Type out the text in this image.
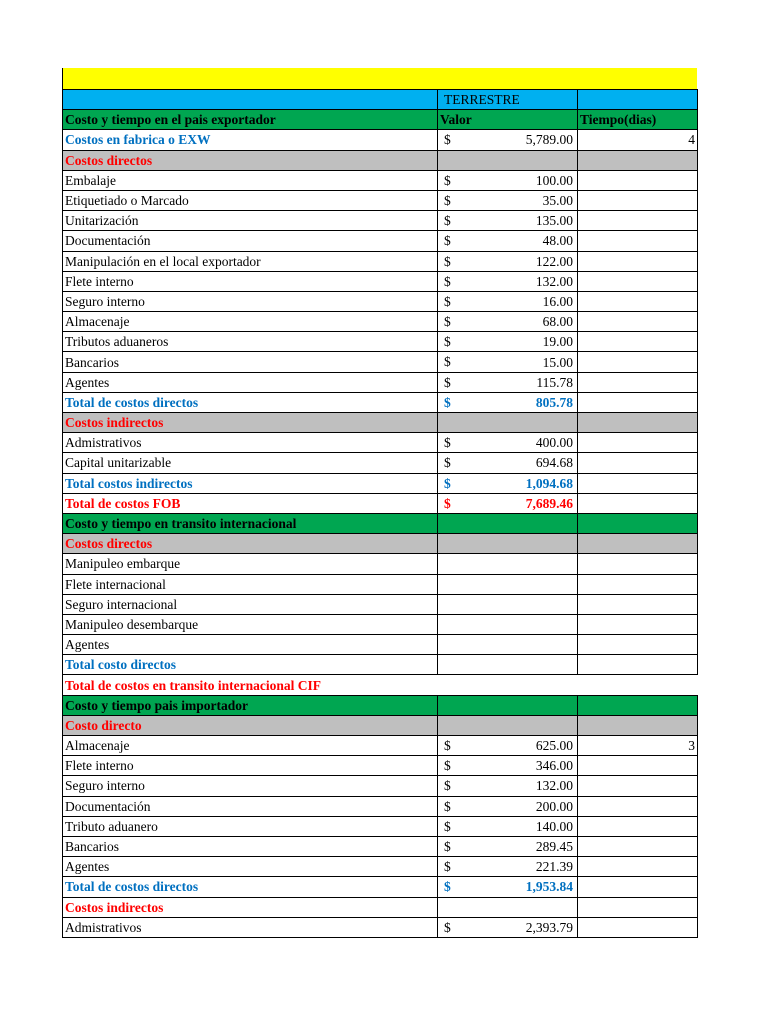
	TERRESTRE	
Costo y tiempo en el pais exportador	Valor	Tiempo(dias)
Costos en fabrica o EXW	$ 5,789.00	4
Costos directos		
Embalaje	$ 100.00	

Etiquetiado o Marcado	$ 35.00	

Unitarización	$ 135.00	

Documentación	$ 48.00	

Manipulación en el local exportador	$ 122.00	

Flete interno	$ 132.00	

Seguro interno	$ 16.00	

Almacenaje	$ 68.00	

Tributos aduaneros	$ 19.00	

Bancarios	$ 15.00	

Agentes	$ 115.78	

Total de costos directos	$ 805.78	

Costos indirectos		
Admistrativos	$ 400.00	

Capital unitarizable	$ 694.68	

Total costos indirectos	$ 1,094.68	

Total de costos FOB	$ 7,689.46	

Costo y tiempo en transito internacional		
Costos directos		
Manipuleo embarque		
Flete internacional		
Seguro internacional		
Manipuleo desembarque		
Agentes		
Total costo directos		
Total de costos en transito internacional CIF		
Costo y tiempo pais importador		
Costo directo		
Almacenaje	$ 625.00	3
Flete interno	$ 346.00	

Seguro interno	$ 132.00	

Documentación	$ 200.00	

Tributo aduanero	$ 140.00	

Bancarios	$ 289.45	

Agentes	$ 221.39	

Total de costos directos	$ 1,953.84	

Costos indirectos		
Admistrativos	$ 2,393.79	
